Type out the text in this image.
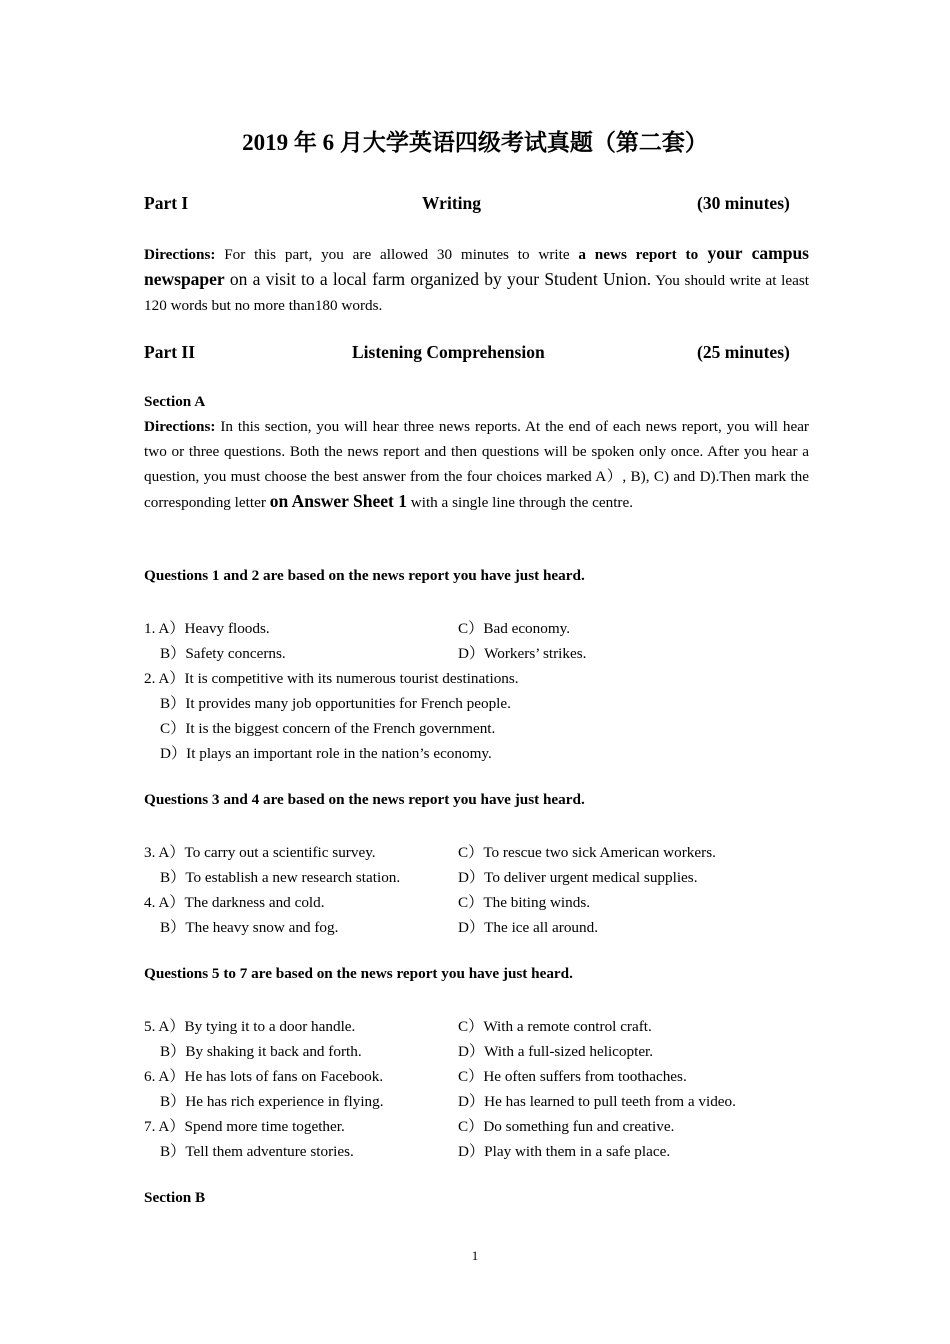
2019 年 6 月大学英语四级考试真题（第二套）
Part I	Writing	(30 minutes)
Directions: For this part, you are allowed 30 minutes to write a news report to your campus newspaper on a visit to a local farm organized by your Student Union. You should write at least 120 words but no more than180 words.
Part II	Listening Comprehension	(25 minutes)
Section A
Directions: In this section, you will hear three news reports. At the end of each news report, you will hear two or three questions. Both the news report and then questions will be spoken only once. After you hear a question, you must choose the best answer from the four choices marked A）, B), C) and D).Then mark the corresponding letter on Answer Sheet 1 with a single line through the centre.
Questions 1 and 2 are based on the news report you have just heard.
1. A）Heavy floods.	C）Bad economy.
B）Safety concerns.	D）Workers’ strikes.
2. A）It is competitive with its numerous tourist destinations.
B）It provides many job opportunities for French people.
C）It is the biggest concern of the French government.
D）It plays an important role in the nation’s economy.
Questions 3 and 4 are based on the news report you have just heard.
3. A）To carry out a scientific survey.	C）To rescue two sick American workers.
B）To establish a new research station.	D）To deliver urgent medical supplies.
4. A）The darkness and cold.	C）The biting winds.
B）The heavy snow and fog.	D）The ice all around.
Questions 5 to 7 are based on the news report you have just heard.
5. A）By tying it to a door handle.	C）With a remote control craft.
B）By shaking it back and forth.	D）With a full-sized helicopter.
6. A）He has lots of fans on Facebook.	C）He often suffers from toothaches.
B）He has rich experience in flying.	D）He has learned to pull teeth from a video.
7. A）Spend more time together.	C）Do something fun and creative.
B）Tell them adventure stories.	D）Play with them in a safe place.
Section B
1
